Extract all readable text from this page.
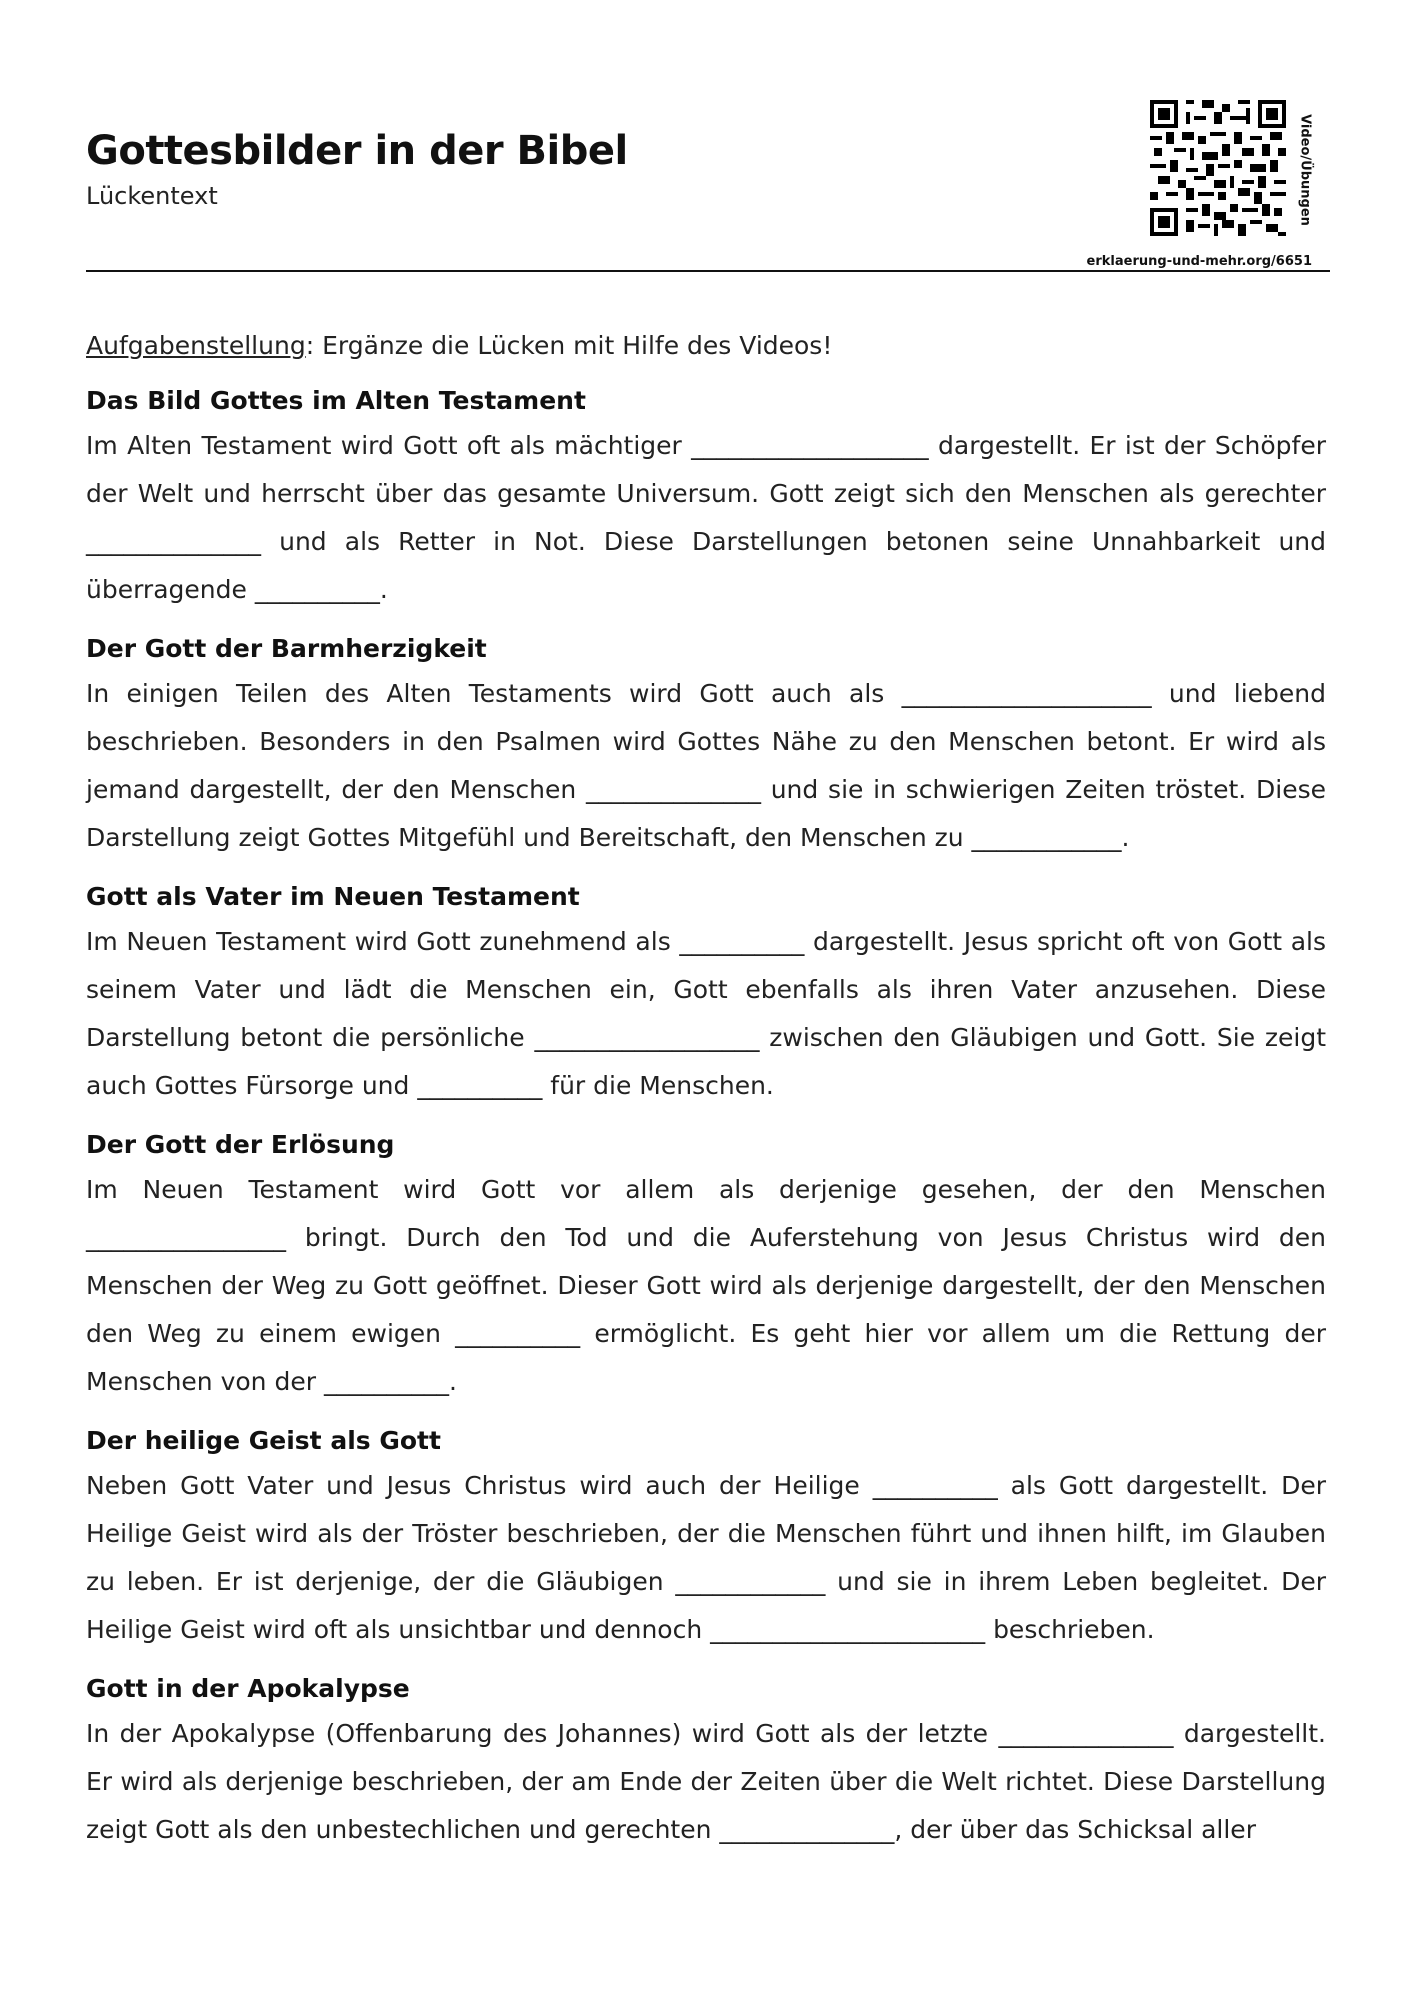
Gottesbilder in der Bibel
Lückentext	Video/Übungen
erklaerung-und-mehr.org/6651

Aufgabenstellung: Ergänze die Lücken mit Hilfe des Videos!

Das Bild Gottes im Alten Testament

Im Alten Testament wird Gott oft als mächtiger ___________________ dargestellt. Er ist der Schöpfer der Welt und herrscht über das gesamte Universum. Gott zeigt sich den Menschen als gerechter ______________ und als Retter in Not. Diese Darstellungen betonen seine Unnahbarkeit und überragende __________.

Der Gott der Barmherzigkeit

In einigen Teilen des Alten Testaments wird Gott auch als ____________________ und liebend beschrieben. Besonders in den Psalmen wird Gottes Nähe zu den Menschen betont. Er wird als jemand dargestellt, der den Menschen ______________ und sie in schwierigen Zeiten tröstet. Diese Darstellung zeigt Gottes Mitgefühl und Bereitschaft, den Menschen zu ____________.

Gott als Vater im Neuen Testament

Im Neuen Testament wird Gott zunehmend als __________ dargestellt. Jesus spricht oft von Gott als seinem Vater und lädt die Menschen ein, Gott ebenfalls als ihren Vater anzusehen. Diese Darstellung betont die persönliche __________________ zwischen den Gläubigen und Gott. Sie zeigt auch Gottes Fürsorge und __________ für die Menschen.

Der Gott der Erlösung

Im Neuen Testament wird Gott vor allem als derjenige gesehen, der den Menschen ________________ bringt. Durch den Tod und die Auferstehung von Jesus Christus wird den Menschen der Weg zu Gott geöffnet. Dieser Gott wird als derjenige dargestellt, der den Menschen den Weg zu einem ewigen __________ ermöglicht. Es geht hier vor allem um die Rettung der Menschen von der __________.

Der heilige Geist als Gott

Neben Gott Vater und Jesus Christus wird auch der Heilige __________ als Gott dargestellt. Der Heilige Geist wird als der Tröster beschrieben, der die Menschen führt und ihnen hilft, im Glauben zu leben. Er ist derjenige, der die Gläubigen ____________ und sie in ihrem Leben begleitet. Der Heilige Geist wird oft als unsichtbar und dennoch ______________________ beschrieben.

Gott in der Apokalypse

In der Apokalypse (Offenbarung des Johannes) wird Gott als der letzte ______________ dargestellt. Er wird als derjenige beschrieben, der am Ende der Zeiten über die Welt richtet. Diese Darstellung zeigt Gott als den unbestechlichen und gerechten ______________, der über das Schicksal aller
